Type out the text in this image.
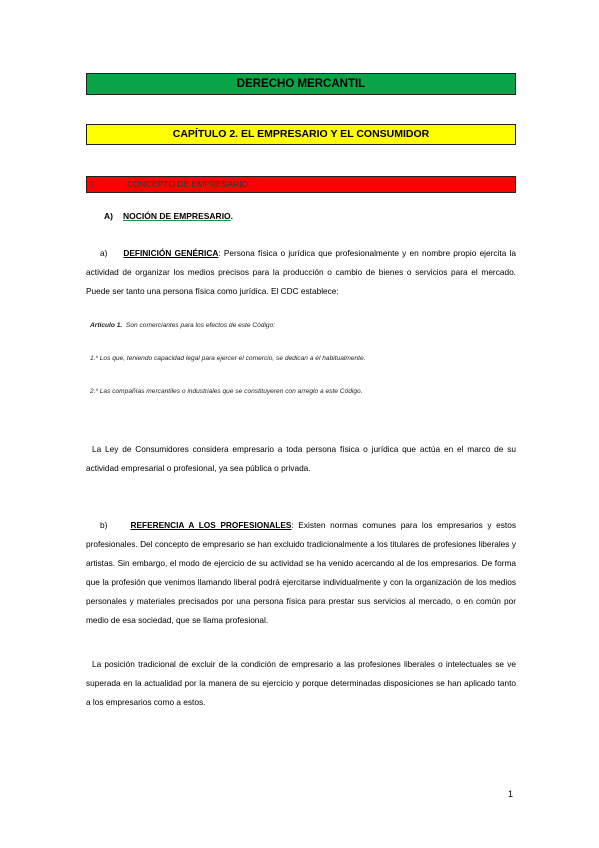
DERECHO MERCANTIL
CAPÍTULO 2. EL EMPRESARIO Y EL CONSUMIDOR
I.	CONCEPTO DE EMPRESARIO.
A) NOCIÓN DE EMPRESARIO.
a) DEFINICIÓN GENÉRICA: Persona física o jurídica que profesionalmente y en nombre propio ejercita la actividad de organizar los medios precisos para la producción o cambio de bienes o servicios para el mercado. Puede ser tanto una persona física como jurídica. El CDC establece:
Artículo 1. Son comerciantes para los efectos de este Código:
1.º Los que, teniendo capacidad legal para ejercer el comercio, se dedican a él habitualmente.
2.º Las compañías mercantiles o industriales que se constituyeren con arreglo a este Código.
La Ley de Consumidores considera empresario a toda persona física o jurídica que actúa en el marco de su actividad empresarial o profesional, ya sea pública o privada.
b)	REFERENCIA A LOS PROFESIONALES: Existen normas comunes para los empresarios y estos profesionales. Del concepto de empresario se han excluido tradicionalmente a los titulares de profesiones liberales y artistas. Sin embargo, el modo de ejercicio de su actividad se ha venido acercando al de los empresarios. De forma que la profesión que venimos llamando liberal podrá ejercitarse individualmente y con la organización de los medios personales y materiales precisados por una persona física para prestar sus servicios al mercado, o en común por medio de esa sociedad, que se llama profesional.
La posición tradicional de excluir de la condición de empresario a las profesiones liberales o intelectuales se ve superada en la actualidad por la manera de su ejercicio y porque determinadas disposiciones se han aplicado tanto a los empresarios como a estos.
1
